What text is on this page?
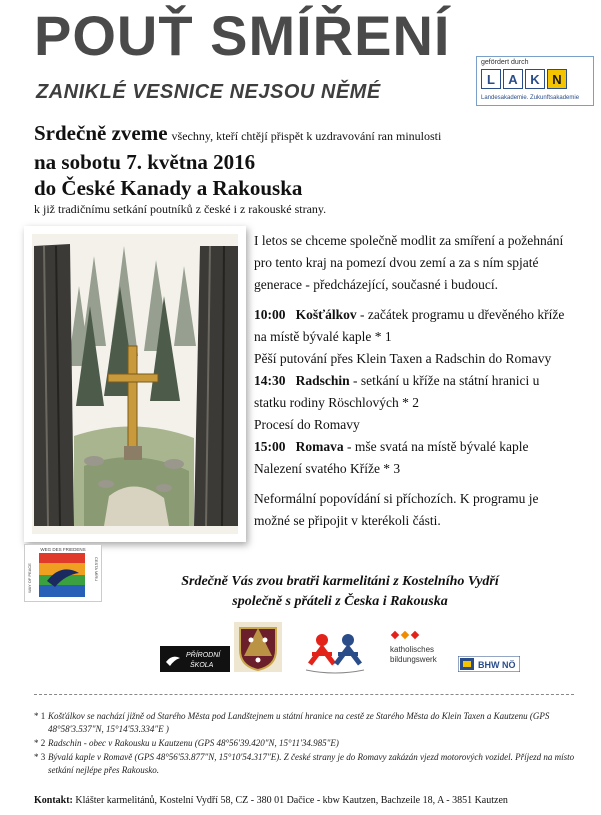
POUŤ SMÍŘENÍ
ZANIKLÉ VESNICE NEJSOU NĚMÉ
gefördert durch
L	A K N
Landesakademie. Zukunftsakademie
Srdečně zveme všechny, kteří chtějí přispět k uzdravování ran minulosti
na sobotu 7. května 2016
do České Kanady a Rakouska
k již tradičnímu setkání poutníků z české i z rakouské strany.

I letos se chceme společně modlit za smíření a požehnání pro tento kraj na pomezí dvou zemí a za s ním spjaté generace - předcházející, současné i budoucí.

10:00 Košťálkov - začátek programu u dřevěného kříže na místě bývalé kaple * 1
Pěší putování přes Klein Taxen a Radschin do Romavy
14:30 Radschin - setkání u kříže na státní hranici u statku rodiny Röschlových * 2
Procesí do Romavy
15:00 Romava - mše svatá na místě bývalé kaple
Nalezení svatého Kříže * 3

Neformální popovídání si příchozích. K programu je možné se připojit v kterékoli části.

WEG DES FRIEDENS
WAY OF PEACE	CESTA MÍRU
Srdečně Vás zvou bratři karmelitáni z Kostelního Vydří
společně s přáteli z Česka i Rakouska
PŘÍRODNÍ
ŠKOLA
katholisches
bildungswerk
BHW NÖ
* 1 Košťálkov se nachází jižně od Starého Města pod Landštejnem u státní hranice na cestě ze Starého Města do Klein Taxen a Kautzenu (GPS 48°58'3.537"N, 15°14'53.334"E )
* 2 Radschin - obec v Rakousku u Kautzenu (GPS 48°56'39.420"N, 15°11'34.985"E)
* 3 Bývalá kaple v Romavě (GPS 48°56'53.877"N, 15°10'54.317"E). Z české strany je do Romavy zakázán vjezd motorových vozidel. Příjezd na místo setkání nejlépe přes Rakousko.
Kontakt: Klášter karmelitánů, Kostelní Vydří 58, CZ - 380 01 Dačice - kbw Kautzen, Bachzeile 18, A - 3851 Kautzen
